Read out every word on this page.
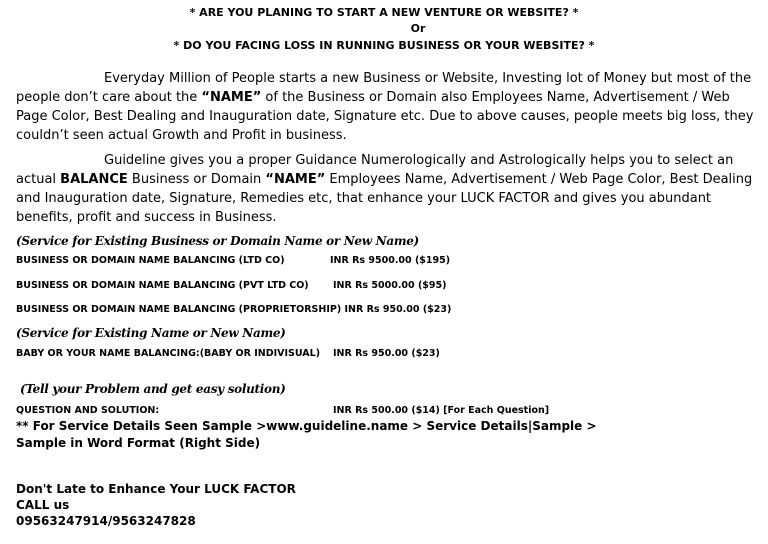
* ARE YOU PLANING TO START A NEW VENTURE OR WEBSITE? *
Or
* DO YOU FACING LOSS IN RUNNING BUSINESS OR YOUR WEBSITE? *
Everyday Million of People starts a new Business or Website, Investing lot of Money but most of the people don’t care about the “NAME” of the Business or Domain also Employees Name, Advertisement / Web Page Color, Best Dealing and Inauguration date, Signature etc. Due to above causes, people meets big loss, they couldn’t seen actual Growth and Profit in business.
Guideline gives you a proper Guidance Numerologically and Astrologically helps you to select an actual BALANCE Business or Domain “NAME” Employees Name, Advertisement / Web Page Color, Best Dealing and Inauguration date, Signature, Remedies etc, that enhance your LUCK FACTOR and gives you abundant benefits, profit and success in Business.
(Service for Existing Business or Domain Name or New Name)
BUSINESS OR DOMAIN NAME BALANCING (LTD CO)	INR Rs 9500.00 ($195)
BUSINESS OR DOMAIN NAME BALANCING (PVT LTD CO)	INR Rs 5000.00 ($95)
BUSINESS OR DOMAIN NAME BALANCING (PROPRIETORSHIP) INR Rs 950.00 ($23)
(Service for Existing Name or New Name)
BABY OR YOUR NAME BALANCING:(BABY OR INDIVISUAL) INR Rs 950.00 ($23)
(Tell your Problem and get easy solution)
QUESTION AND SOLUTION:	INR Rs 500.00 ($14) [For Each Question]
** For Service Details Seen Sample >www.guideline.name > Service Details|Sample >
Sample in Word Format (Right Side)
Don't Late to Enhance Your LUCK FACTOR
CALL us
09563247914/9563247828
